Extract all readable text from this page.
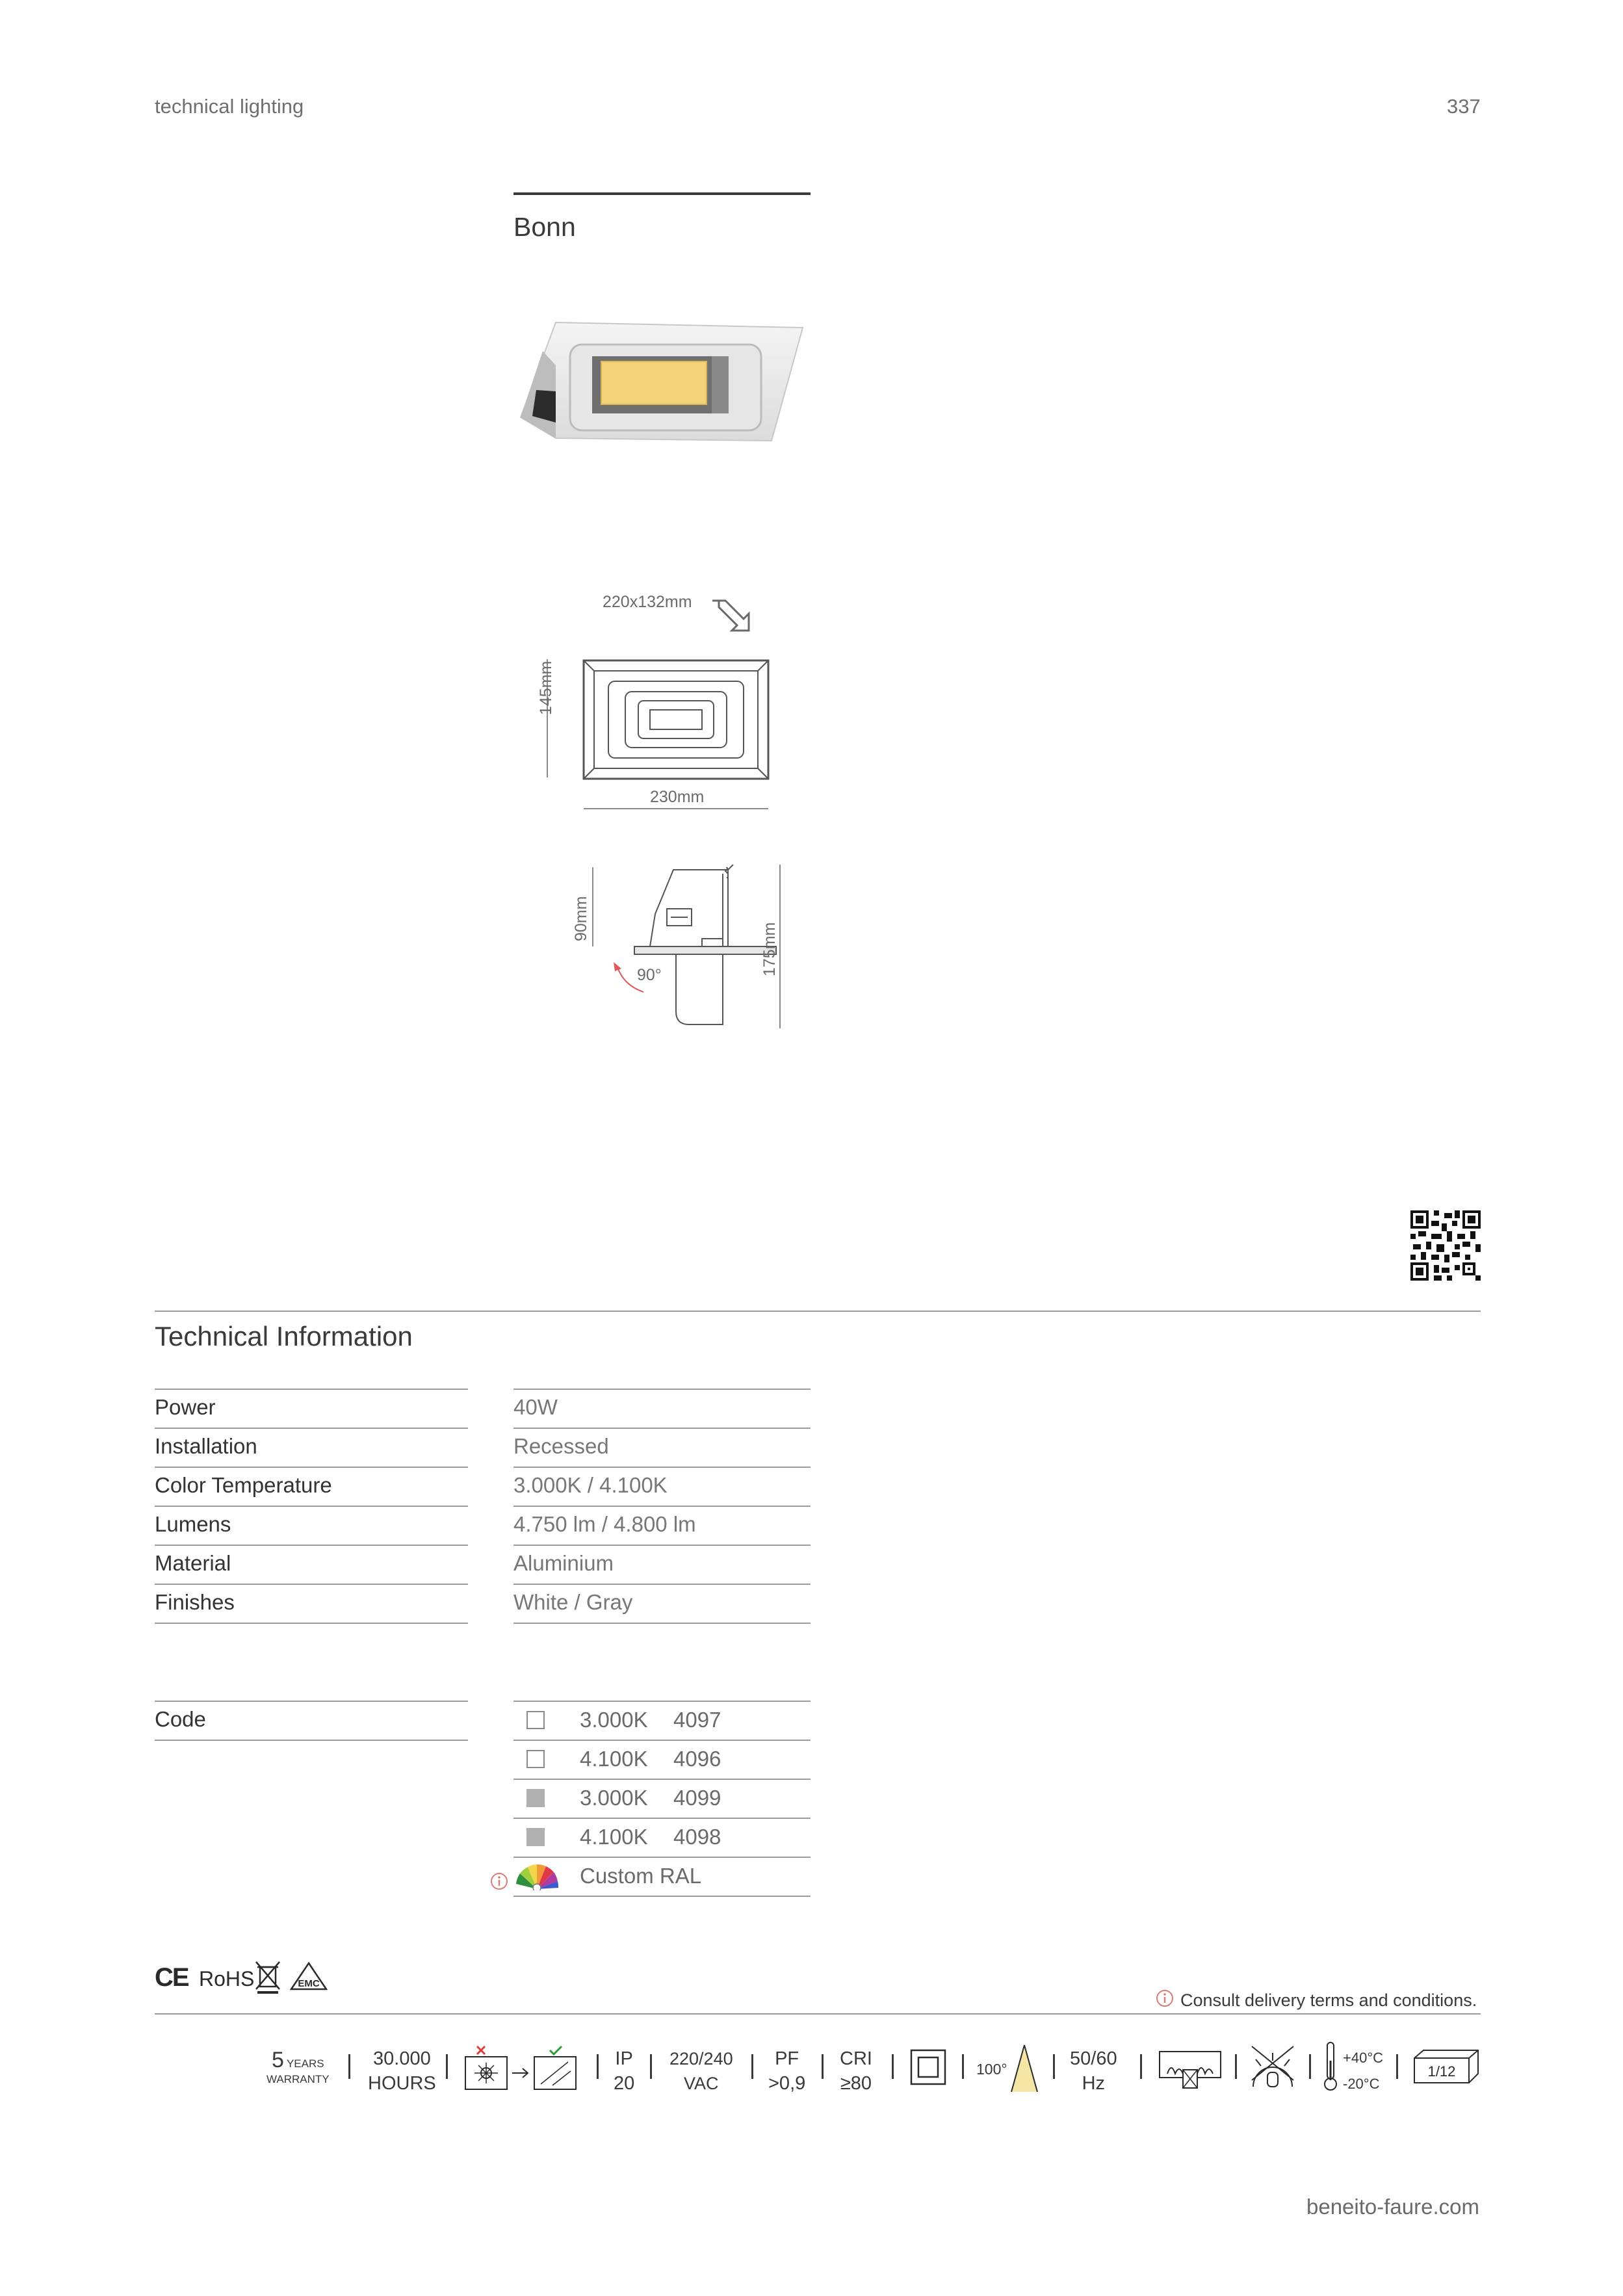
technical lighting	337
Bonn
220x132mm
145mm
230mm
90mm
90°	175mm
Technical Information
Power	40W
Installation	Recessed
Color Temperature	3.000K / 4.100K
Lumens	4.750 lm / 4.800 lm
Material	Aluminium
Finishes	White / Gray
Code	3.000K 4097
4.100K 4096
3.000K 4099
4.100K 4098
Custom RAL
CE RoHS	EMC
Consult delivery terms and conditions.
5 YEARS
WARRANTY
30.000
HOURS
IP
20
220/240
VAC
PF
>0,9
CRI
≥80
100°	50/60
Hz
+40°C
-20°C
1/12
beneito-faure.com
